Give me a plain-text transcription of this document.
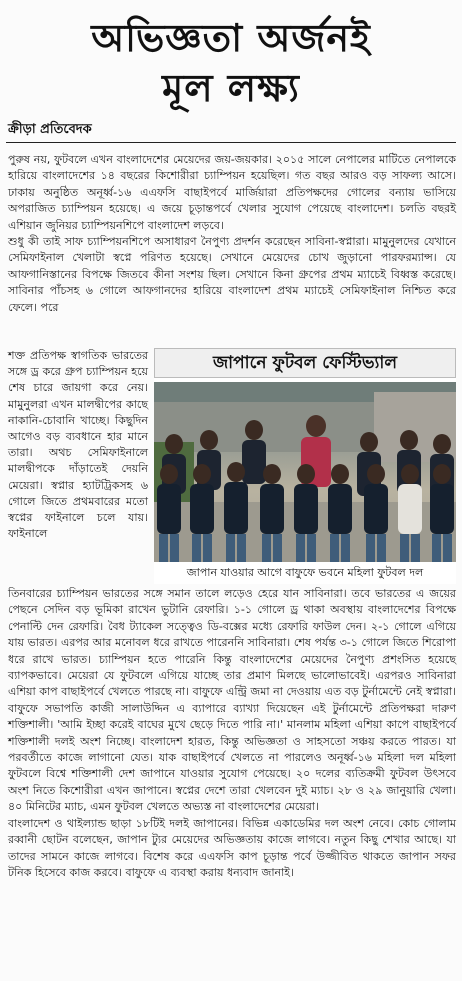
অভিজ্ঞতা অর্জনই
মূল লক্ষ্য
ক্রীড়া প্রতিবেদক

পুরুষ নয়, ফুটবলে এখন বাংলাদেশের মেয়েদের জয়-জয়কার। ২০১৫ সালে নেপালের মাটিতে নেপালকে হারিয়ে বাংলাদেশের ১৪ বছরের কিশোরীরা চ্যাম্পিয়ন হয়েছিল। গত বছর আরও বড় সাফল্য আসে। ঢাকায় অনুষ্ঠিত অনূর্ধ্ব-১৬ এএফসি বাছাইপর্বে মার্জিয়ারা প্রতিপক্ষদের গোলের বন্যায় ভাসিয়ে অপরাজিত চ্যাম্পিয়ন হয়েছে। এ জয়ে চূড়ান্তপর্বে খেলার সুযোগ পেয়েছে বাংলাদেশ। চলতি বছরই এশিয়ান জুনিয়র চ্যাম্পিয়নশিপে বাংলাদেশ লড়বে।

শুধু কী তাই সাফ চ্যাম্পিয়নশিপে অসাধারণ নৈপুণ্য প্রদর্শন করেছেন সাবিনা-স্বপ্নারা। মামুনুলদের যেখানে সেমিফাইনাল খেলাটা স্বপ্নে পরিণত হয়েছে। সেখানে মেয়েদের চোখ জুড়ানো পারফরম্যান্স। যে আফগানিস্তানের বিপক্ষে জিতবে কীনা সংশয় ছিল। সেখানে কিনা গ্রুপের প্রথম ম্যাচেই বিধ্বস্ত করেছে। সাবিনার পাঁচসহ ৬ গোলে আফগানদের হারিয়ে বাংলাদেশ প্রথম ম্যাচেই সেমিফাইনাল নিশ্চিত করে ফেলে। পরে

শক্ত প্রতিপক্ষ স্বাগতিক ভারতের সঙ্গে ড্র করে গ্রুপ চ্যাম্পিয়ন হয়ে শেষ চারে জায়গা করে নেয়। মামুনুলরা এখন মালদ্বীপের কাছে নাকানি-চোবানি খাচ্ছে। কিছুদিন আগেও বড় ব্যবধানে হার মানে তারা। অথচ সেমিফাইনালে মালদ্বীপকে দাঁড়াতেই দেয়নি মেয়েরা। স্বপ্নার হ্যাটট্রিকসহ ৬ গোলে জিতে প্রথমবারের মতো স্বপ্নের ফাইনালে চলে যায়। ফাইনালে

জাপানে ফুটবল ফেস্টিভ্যাল
জাপান যাওয়ার আগে বাফুফে ভবনে মহিলা ফুটবল দল

তিনবারের চ্যাম্পিয়ন ভারতের সঙ্গে সমান তালে লড়েও হেরে যান সাবিনারা। তবে ভারতের এ জয়ের পেছনে সেদিন বড় ভূমিকা রাখেন ভুটানি রেফারি। ১-১ গোলে ড্র থাকা অবস্থায় বাংলাদেশের বিপক্ষে পেনাল্টি দেন রেফারি। বৈধ ট্যাকেল সত্ত্বেও ডি-বক্সের মধ্যে রেফারি ফাউল দেন। ২-১ গোলে এগিয়ে যায় ভারত। এরপর আর মনোবল ধরে রাখতে পারেননি সাবিনারা। শেষ পর্যন্ত ৩-১ গোলে জিতে শিরোপা ধরে রাখে ভারত। চ্যাম্পিয়ন হতে পারেনি কিন্তু বাংলাদেশের মেয়েদের নৈপুণ্য প্রশংসিত হয়েছে ব্যাপকভাবে। মেয়েরা যে ফুটবলে এগিয়ে যাচ্ছে তার প্রমাণ মিলছে ভালোভাবেই। এরপরও সাবিনারা এশিয়া কাপ বাছাইপর্বে খেলতে পারছে না। বাফুফে এন্ট্রি জমা না দেওয়ায় এত বড় টুর্নামেন্টে নেই স্বপ্নারা। বাফুফে সভাপতি কাজী সালাউদ্দিন এ ব্যাপারে ব্যাখ্যা দিয়েছেন এই টুর্নামেন্টে প্রতিপক্ষরা দারুণ শক্তিশালী। 'আমি ইচ্ছা করেই বাঘের মুখে ছেড়ে দিতে পারি না।' মানলাম মহিলা এশিয়া কাপে বাছাইপর্বে শক্তিশালী দলই অংশ নিচ্ছে। বাংলাদেশ হারত, কিন্তু অভিজ্ঞতা ও সাহসতো সঞ্চয় করতে পারত। যা পরবর্তীতে কাজে লাগানো যেত। যাক বাছাইপর্বে খেলতে না পারলেও অনূর্ধ্ব-১৬ মহিলা দল মহিলা ফুটবলে বিশ্বে শক্তিশালী দেশ জাপানে যাওয়ার সুযোগ পেয়েছে। ২০ দলের ব্যতিক্রমী ফুটবল উৎসবে অংশ নিতে কিশোরীরা এখন জাপানে। স্বপ্নের দেশে তারা খেলবেন দুই ম্যাচ। ২৮ ও ২৯ জানুয়ারি খেলা। ৪০ মিনিটের ম্যাচ, এমন ফুটবল খেলতে অভ্যস্ত না বাংলাদেশের মেয়েরা।

বাংলাদেশ ও থাইল্যান্ড ছাড়া ১৮টিই দলই জাপানের। বিভিন্ন একাডেমির দল অংশ নেবে। কোচ গোলাম রব্বানী ছোটন বলেছেন, জাপান ট্যুর মেয়েদের অভিজ্ঞতায় কাজে লাগবে। নতুন কিছু শেখার আছে। যা তাদের সামনে কাজে লাগবে। বিশেষ করে এএফসি কাপ চূড়ান্ত পর্বে উজ্জীবিত থাকতে জাপান সফর টনিক হিসেবে কাজ করবে। বাফুফে এ ব্যবস্থা করায় ধন্যবাদ জানাই।
